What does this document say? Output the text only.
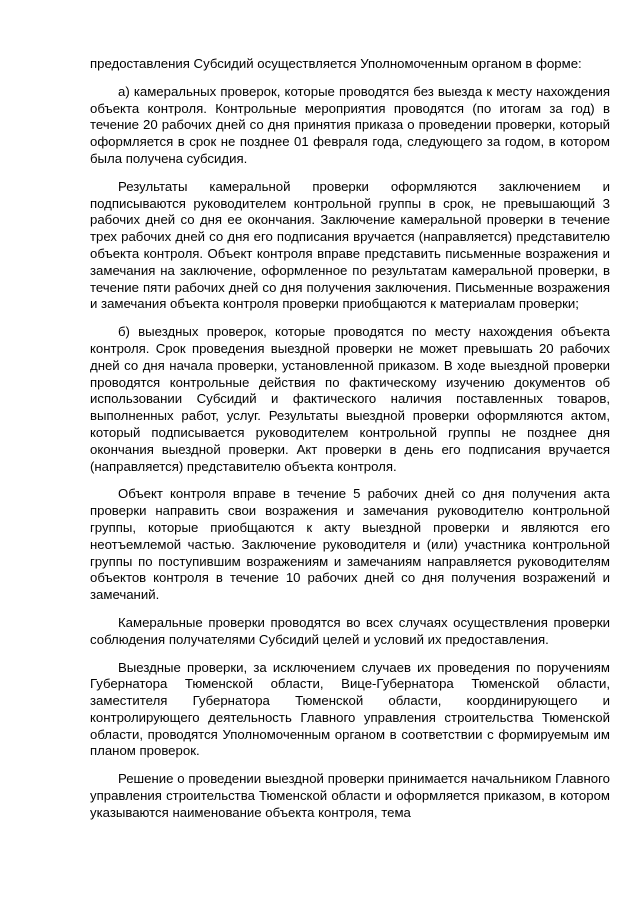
предоставления Субсидий осуществляется Уполномоченным органом в форме:

а) камеральных проверок, которые проводятся без выезда к месту нахождения объекта контроля. Контрольные мероприятия проводятся (по итогам за год) в течение 20 рабочих дней со дня принятия приказа о проведении проверки, который оформляется в срок не позднее 01 февраля года, следующего за годом, в котором была получена субсидия.

Результаты камеральной проверки оформляются заключением и подписываются руководителем контрольной группы в срок, не превышающий 3 рабочих дней со дня ее окончания. Заключение камеральной проверки в течение трех рабочих дней со дня его подписания вручается (направляется) представителю объекта контроля. Объект контроля вправе представить письменные возражения и замечания на заключение, оформленное по результатам камеральной проверки, в течение пяти рабочих дней со дня получения заключения. Письменные возражения и замечания объекта контроля проверки приобщаются к материалам проверки;

б) выездных проверок, которые проводятся по месту нахождения объекта контроля. Срок проведения выездной проверки не может превышать 20 рабочих дней со дня начала проверки, установленной приказом. В ходе выездной проверки проводятся контрольные действия по фактическому изучению документов об использовании Субсидий и фактического наличия поставленных товаров, выполненных работ, услуг. Результаты выездной проверки оформляются актом, который подписывается руководителем контрольной группы не позднее дня окончания выездной проверки. Акт проверки в день его подписания вручается (направляется) представителю объекта контроля.

Объект контроля вправе в течение 5 рабочих дней со дня получения акта проверки направить свои возражения и замечания руководителю контрольной группы, которые приобщаются к акту выездной проверки и являются его неотъемлемой частью. Заключение руководителя и (или) участника контрольной группы по поступившим возражениям и замечаниям направляется руководителям объектов контроля в течение 10 рабочих дней со дня получения возражений и замечаний.

Камеральные проверки проводятся во всех случаях осуществления проверки соблюдения получателями Субсидий целей и условий их предоставления.

Выездные проверки, за исключением случаев их проведения по поручениям Губернатора Тюменской области, Вице-Губернатора Тюменской области, заместителя Губернатора Тюменской области, координирующего и контролирующего деятельность Главного управления строительства Тюменской области, проводятся Уполномоченным органом в соответствии с формируемым им планом проверок.

Решение о проведении выездной проверки принимается начальником Главного управления строительства Тюменской области и оформляется приказом, в котором указываются наименование объекта контроля, тема
